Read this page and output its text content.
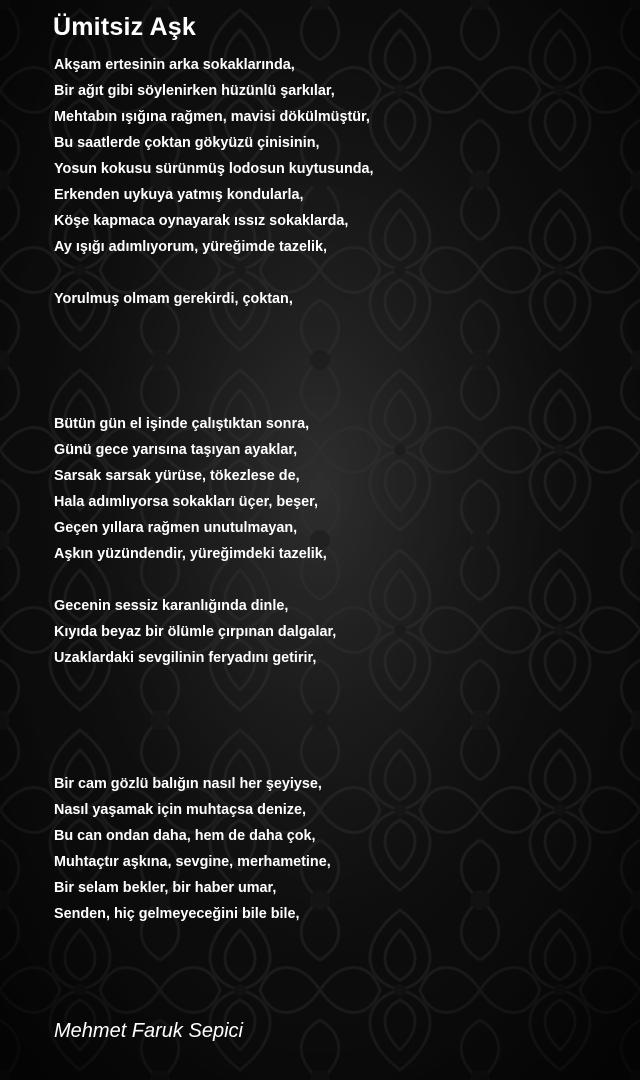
Ümitsiz Aşk
Akşam ertesinin arka sokaklarında,
Bir ağıt gibi söylenirken hüzünlü şarkılar,
Mehtabın ışığına rağmen, mavisi dökülmüştür,
Bu saatlerde çoktan gökyüzü çinisinin,
Yosun kokusu sürünmüş lodosun kuytusunda,
Erkenden uykuya yatmış kondularla,
Köşe kapmaca oynayarak ıssız sokaklarda,
Ay ışığı adımlıyorum, yüreğimde tazelik,
Yorulmuş olmam gerekirdi, çoktan,
Bütün gün el işinde çalıştıktan sonra,
Günü gece yarısına taşıyan ayaklar,
Sarsak sarsak yürüse, tökezlese de,
Hala adımlıyorsa sokakları üçer, beşer,
Geçen yıllara rağmen unutulmayan,
Aşkın yüzündendir, yüreğimdeki tazelik,
Gecenin sessiz karanlığında dinle,
Kıyıda beyaz bir ölümle çırpınan dalgalar,
Uzaklardaki sevgilinin feryadını getirir,
Bir cam gözlü balığın nasıl her şeyiyse,
Nasıl yaşamak için muhtaçsa denize,
Bu can ondan daha, hem de daha çok,
Muhtaçtır aşkına, sevgine, merhametine,
Bir selam bekler, bir haber umar,
Senden, hiç gelmeyeceğini bile bile,
Mehmet Faruk Sepici
